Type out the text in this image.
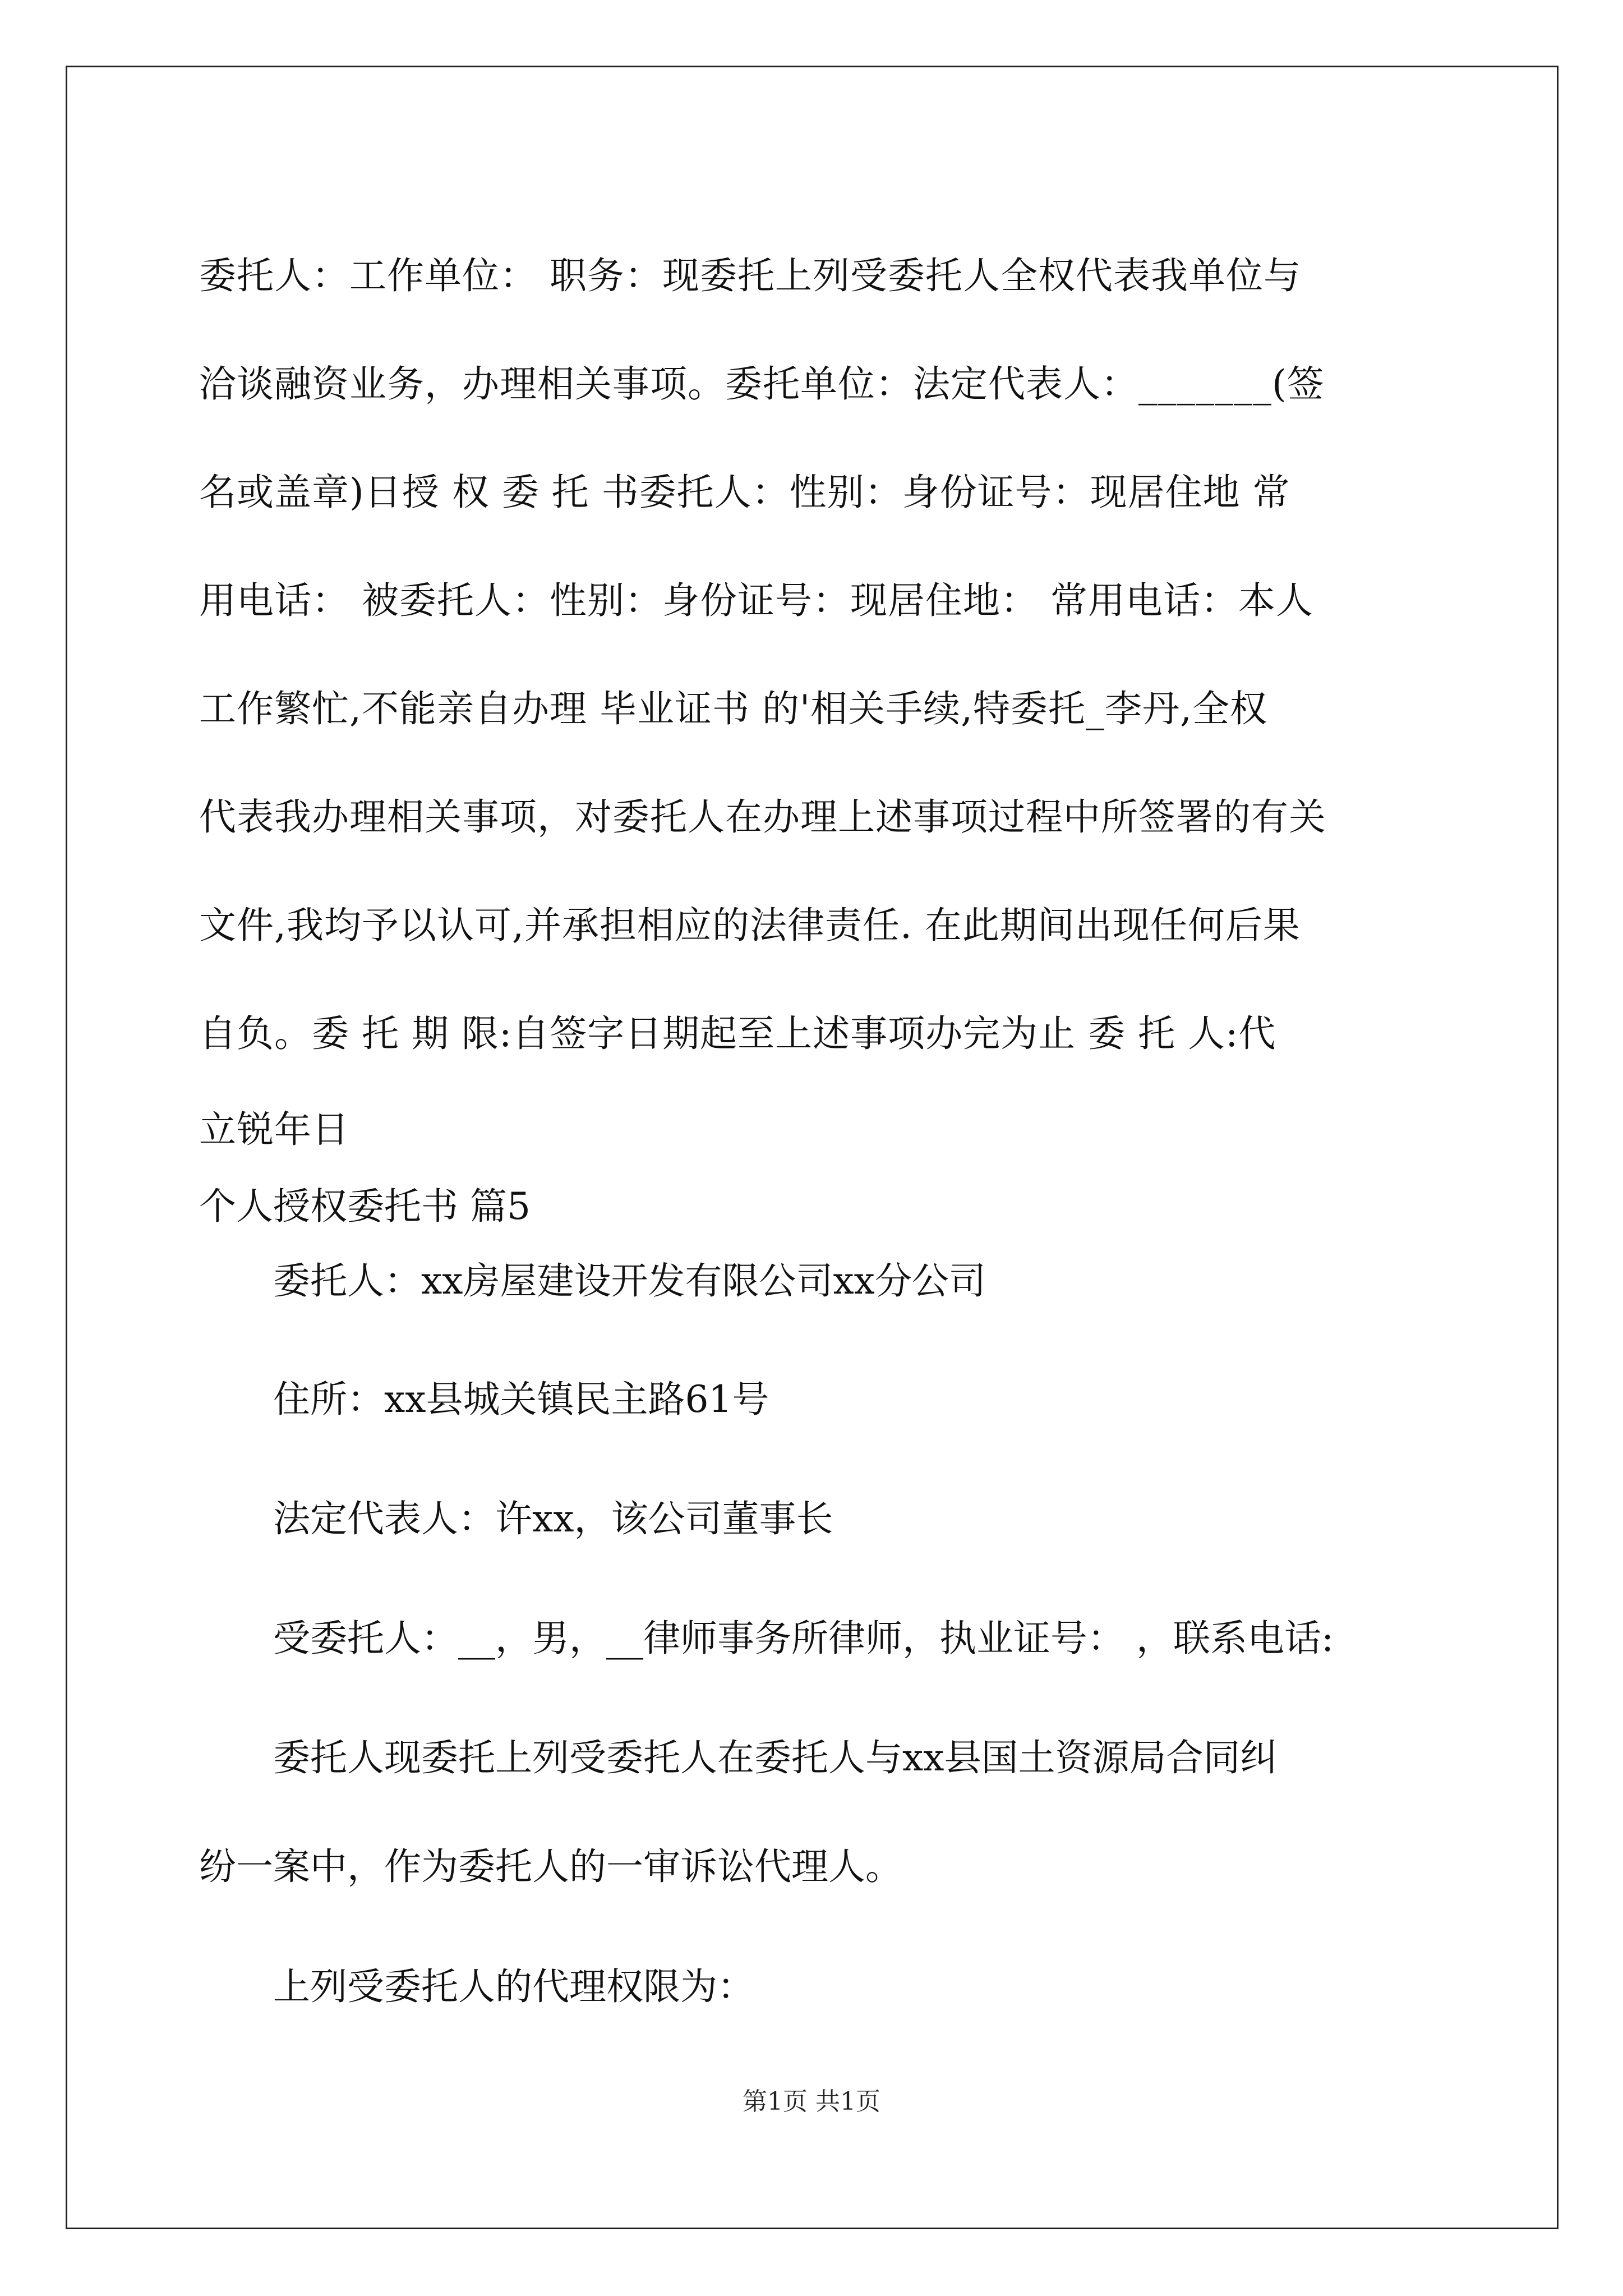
委托人：工作单位： 职务：现委托上列受委托人全权代表我单位与
洽谈融资业务，办理相关事项。委托单位：法定代表人：_______(签
名或盖章)日授 权 委 托 书委托人：性别：身份证号：现居住地 常
用电话： 被委托人：性别：身份证号：现居住地： 常用电话：本人
工作繁忙,不能亲自办理 毕业证书 的'相关手续,特委托_李丹,全权
代表我办理相关事项，对委托人在办理上述事项过程中所签署的有关
文件,我均予以认可,并承担相应的法律责任. 在此期间出现任何后果
自负。委 托 期 限:自签字日期起至上述事项办完为止 委 托 人:代
立锐年日

个人授权委托书 篇5

委托人：xx房屋建设开发有限公司xx分公司

住所：xx县城关镇民主路61号

法定代表人：许xx，该公司董事长

受委托人：__，男，__律师事务所律师，执业证号： ，联系电话:

委托人现委托上列受委托人在委托人与xx县国土资源局合同纠
纷一案中，作为委托人的一审诉讼代理人。

上列受委托人的代理权限为：

第1页 共1页
